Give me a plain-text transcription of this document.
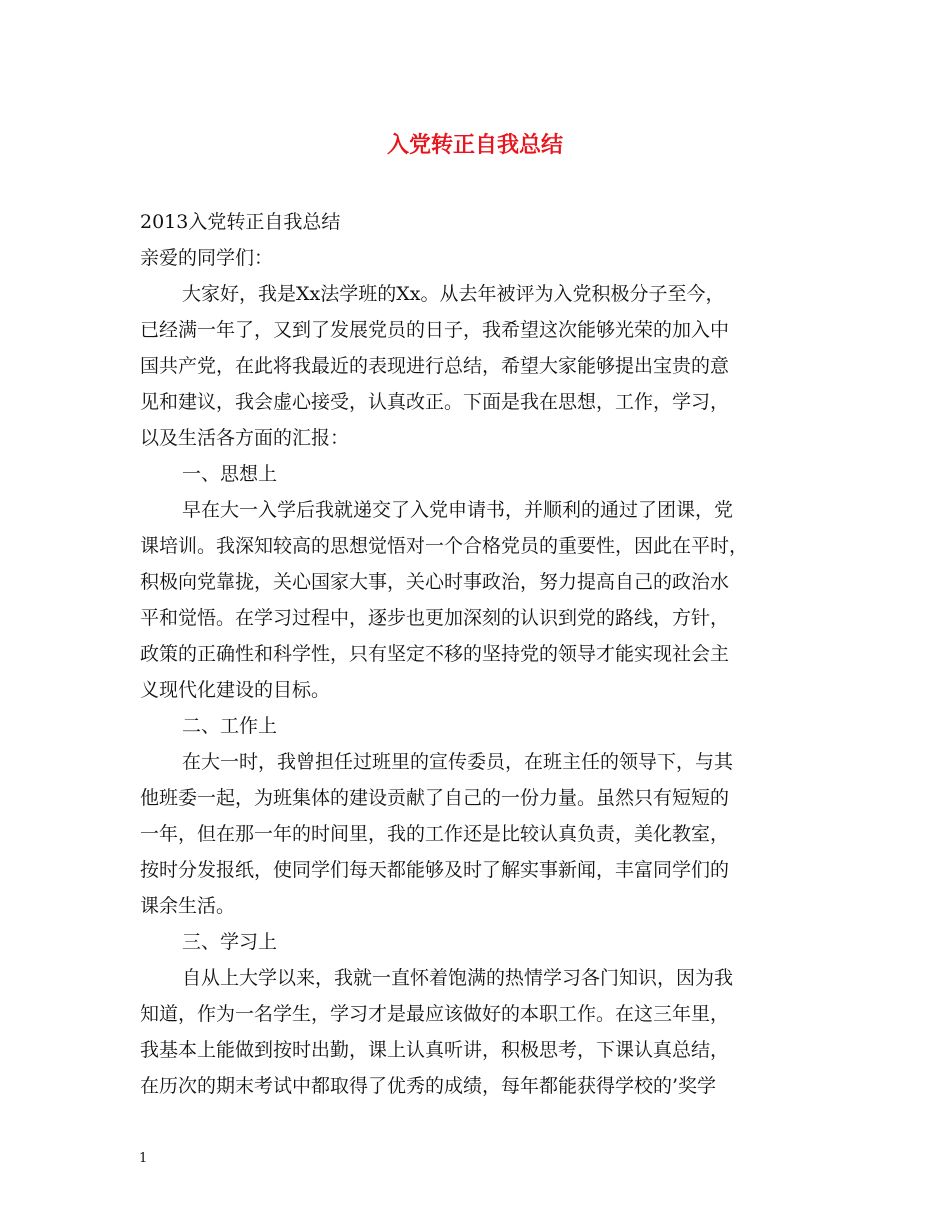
入党转正自我总结
2013入党转正自我总结
亲爱的同学们：
大家好，我是Xx法学班的Xx。从去年被评为入党积极分子至今，
已经满一年了，又到了发展党员的日子，我希望这次能够光荣的加入中
国共产党，在此将我最近的表现进行总结，希望大家能够提出宝贵的意
见和建议，我会虚心接受，认真改正。下面是我在思想，工作，学习，
以及生活各方面的汇报：
一、思想上
早在大一入学后我就递交了入党申请书，并顺利的通过了团课，党
课培训。我深知较高的思想觉悟对一个合格党员的重要性，因此在平时，
积极向党靠拢，关心国家大事，关心时事政治，努力提高自己的政治水
平和觉悟。在学习过程中，逐步也更加深刻的认识到党的路线，方针，
政策的正确性和科学性，只有坚定不移的坚持党的领导才能实现社会主
义现代化建设的目标。
二、工作上
在大一时，我曾担任过班里的宣传委员，在班主任的领导下，与其
他班委一起，为班集体的建设贡献了自己的一份力量。虽然只有短短的
一年，但在那一年的时间里，我的工作还是比较认真负责，美化教室，
按时分发报纸，使同学们每天都能够及时了解实事新闻，丰富同学们的
课余生活。
三、学习上
自从上大学以来，我就一直怀着饱满的热情学习各门知识，因为我
知道，作为一名学生，学习才是最应该做好的本职工作。在这三年里，
我基本上能做到按时出勤，课上认真听讲，积极思考，下课认真总结，
在历次的期末考试中都取得了优秀的成绩，每年都能获得学校的’奖学
1
